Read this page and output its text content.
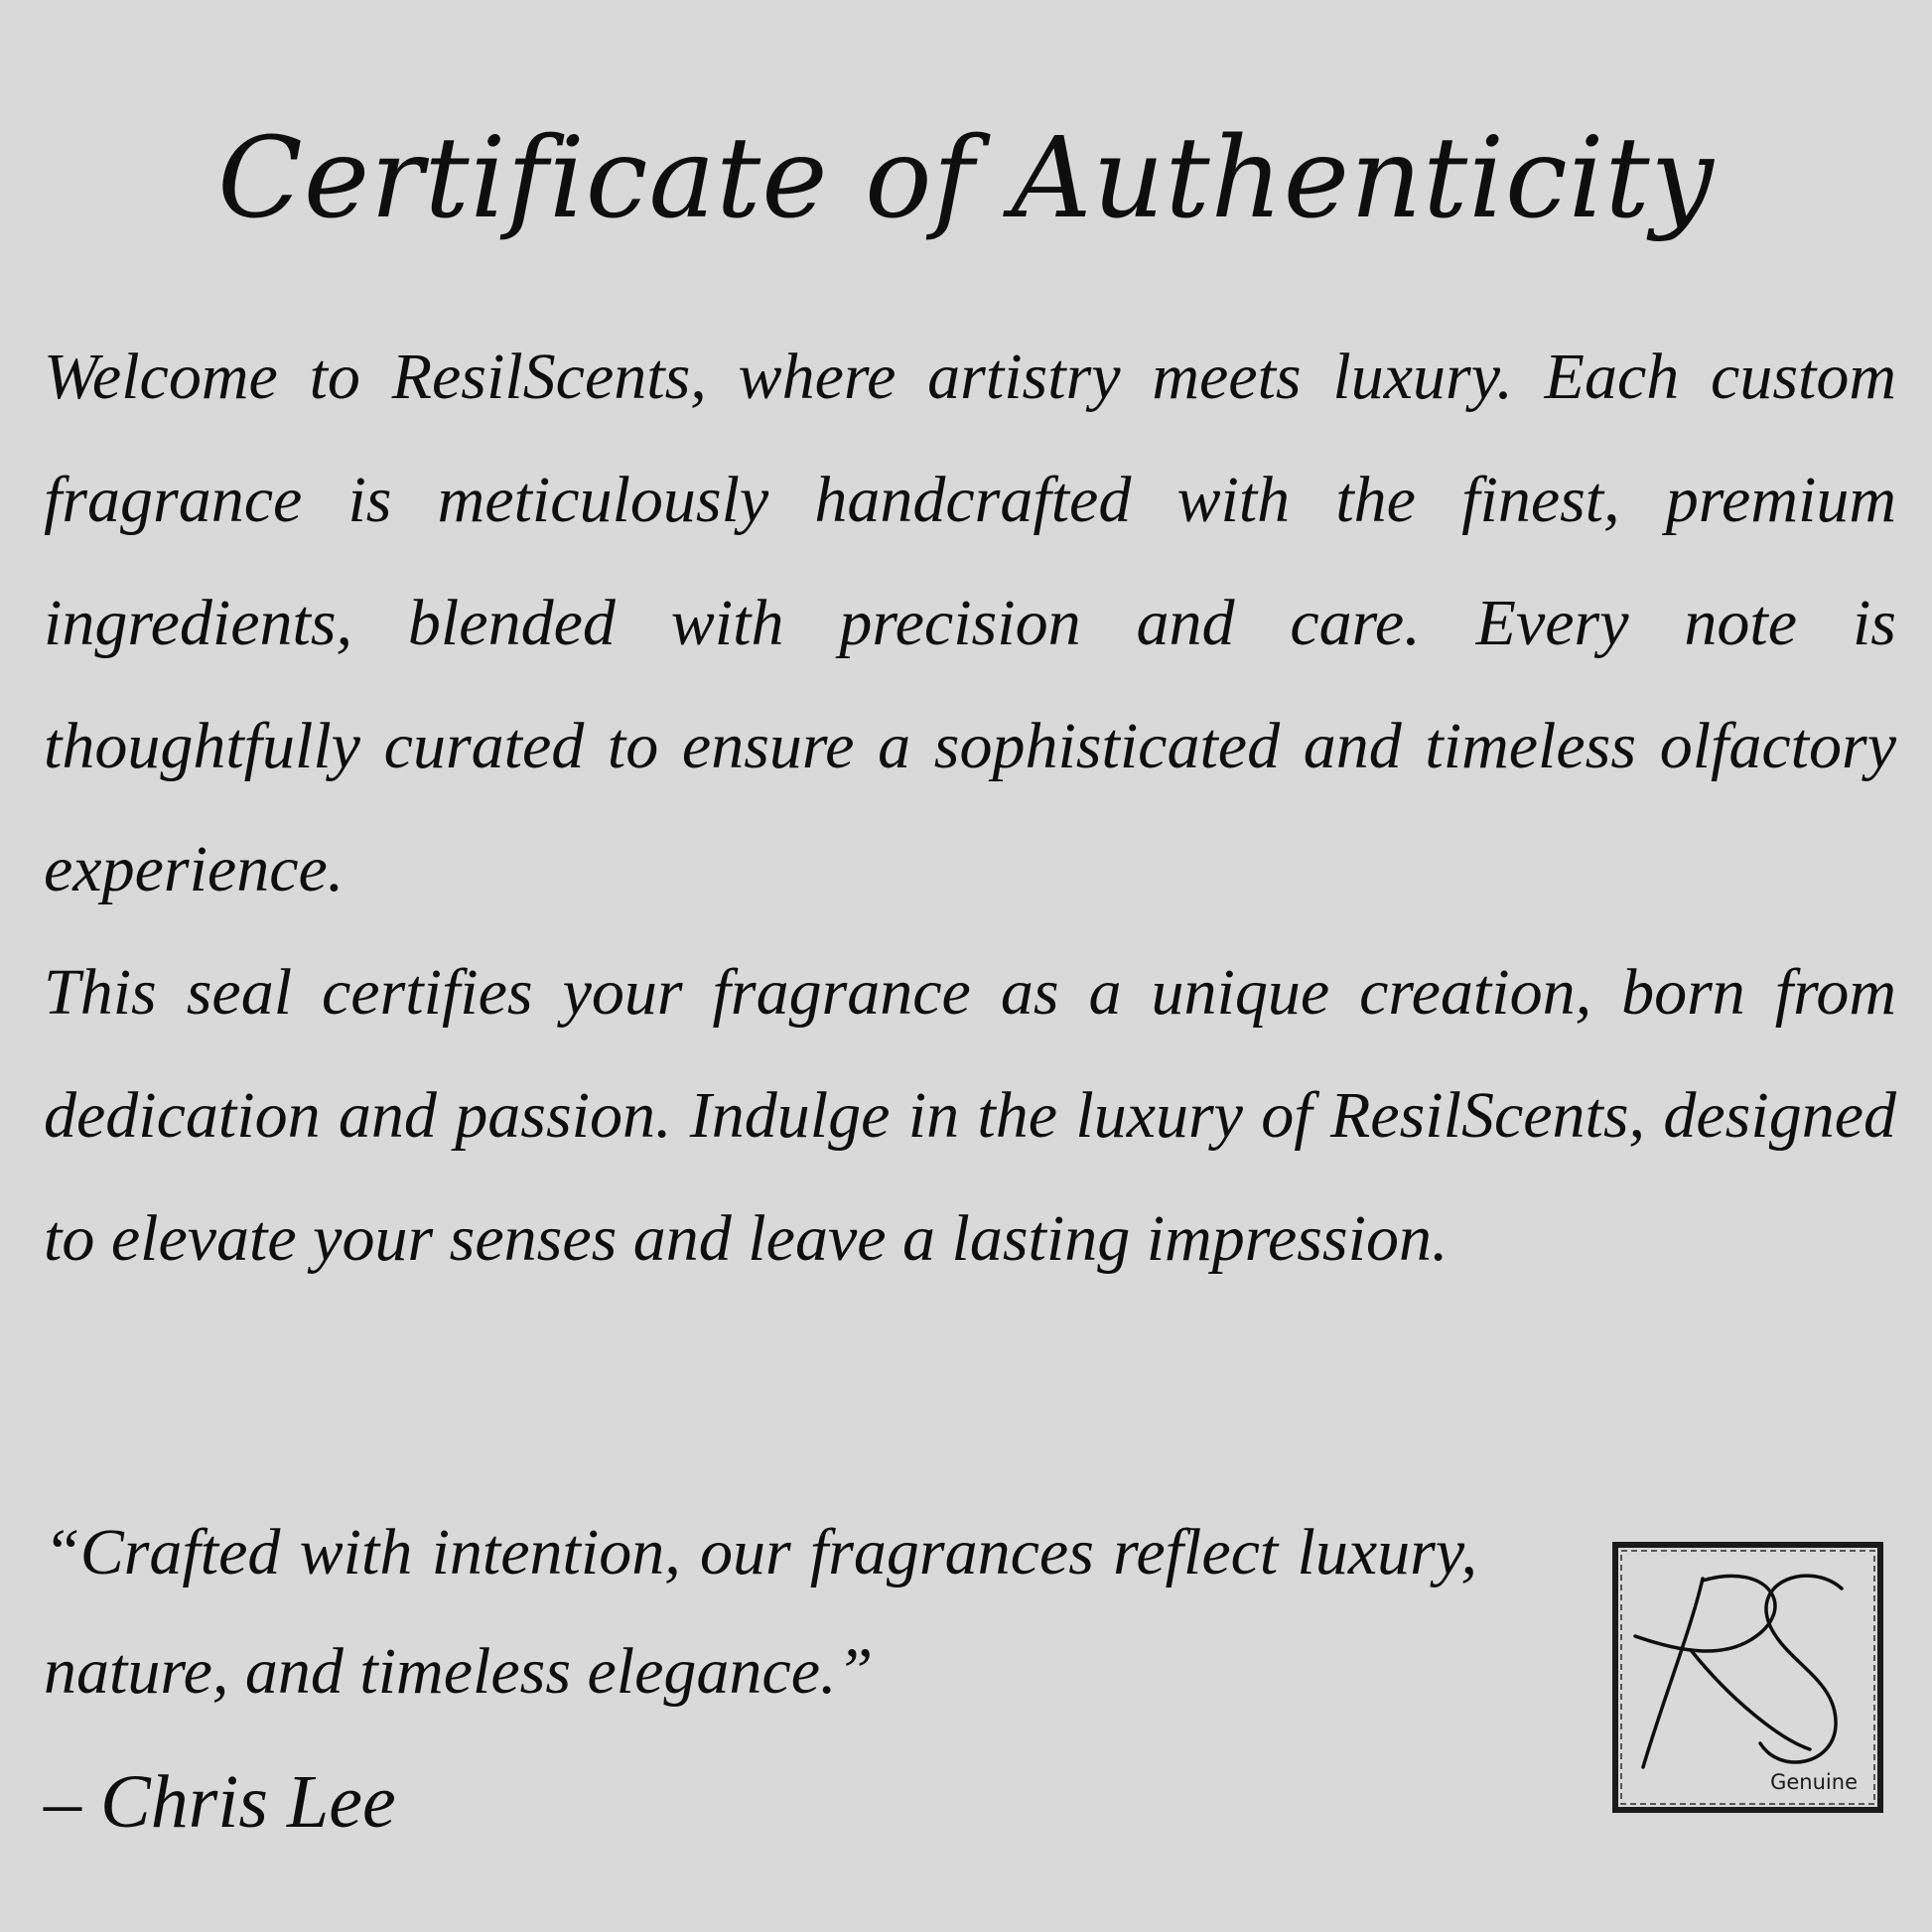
Certificate of Authenticity

Welcome to ResilScents, where artistry meets luxury. Each custom fragrance is meticulously handcrafted with the finest, premium ingredients, blended with precision and care. Every note is thoughtfully curated to ensure a sophisticated and timeless olfactory experience.

This seal certifies your fragrance as a unique creation, born from dedication and passion. Indulge in the luxury of ResilScents, designed to elevate your senses and leave a lasting impression.

“Crafted with intention, our fragrances reflect luxury, nature, and timeless elegance.”

– Chris Lee	Genuine
